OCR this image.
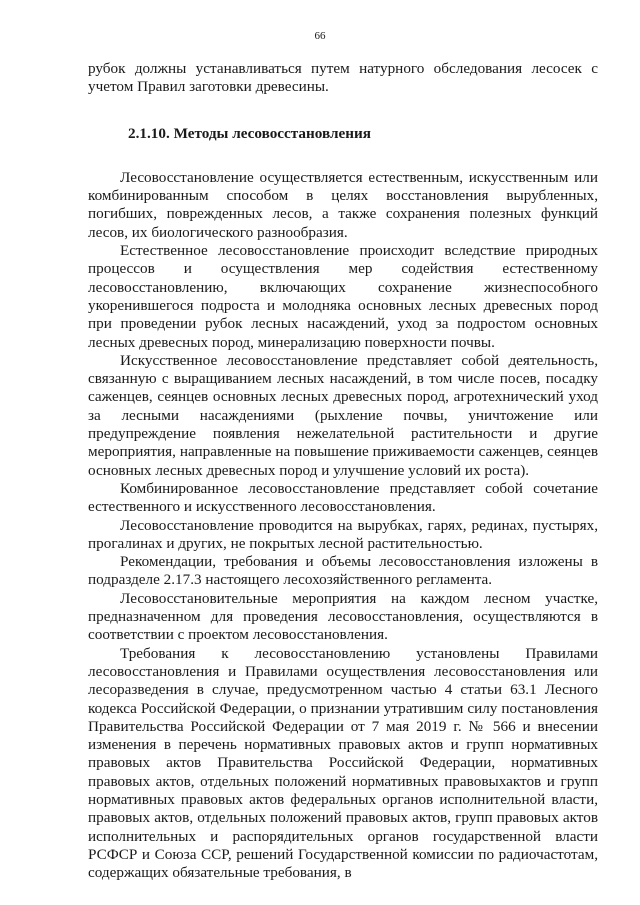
66

рубок должны устанавливаться путем натурного обследования лесосек с учетом Правил заготовки древесины.

2.1.10. Методы лесовосстановления

Лесовосстановление осуществляется естественным, искусственным или комбинированным способом в целях восстановления вырубленных, погибших, поврежденных лесов, а также сохранения полезных функций лесов, их биологического разнообразия.

Естественное лесовосстановление происходит вследствие природных процессов и осуществления мер содействия естественному лесовосстановлению, включающих сохранение жизнеспособного укоренившегося подроста и молодняка основных лесных древесных пород при проведении рубок лесных насаждений, уход за подростом основных лесных древесных пород, минерализацию поверхности почвы.

Искусственное лесовосстановление представляет собой деятельность, связанную с выращиванием лесных насаждений, в том числе посев, посадку саженцев, сеянцев основных лесных древесных пород, агротехнический уход за лесными насаждениями (рыхление почвы, уничтожение или предупреждение появления нежелательной растительности и другие мероприятия, направленные на повышение приживаемости саженцев, сеянцев основных лесных древесных пород и улучшение условий их роста).

Комбинированное лесовосстановление представляет собой сочетание естественного и искусственного лесовосстановления.

Лесовосстановление проводится на вырубках, гарях, рединах, пустырях, прогалинах и других, не покрытых лесной растительностью.

Рекомендации, требования и объемы лесовосстановления изложены в подразделе 2.17.3 настоящего лесохозяйственного регламента.

Лесовосстановительные мероприятия на каждом лесном участке, предназначенном для проведения лесовосстановления, осуществляются в соответствии с проектом лесовосстановления.

Требования к лесовосстановлению установлены Правилами лесовосстановления и Правилами осуществления лесовосстановления или лесоразведения в случае, предусмотренном частью 4 статьи 63.1 Лесного кодекса Российской Федерации, о признании утратившим силу постановления Правительства Российской Федерации от 7 мая 2019 г. № 566 и внесении изменения в перечень нормативных правовых актов и групп нормативных правовых актов Правительства Российской Федерации, нормативных правовых актов, отдельных положений нормативных правовыхактов и групп нормативных правовых актов федеральных органов исполнительной власти, правовых актов, отдельных положений правовых актов, групп правовых актов исполнительных и распорядительных органов государственной власти РСФСР и Союза ССР, решений Государственной комиссии по радиочастотам, содержащих обязательные требования, в
